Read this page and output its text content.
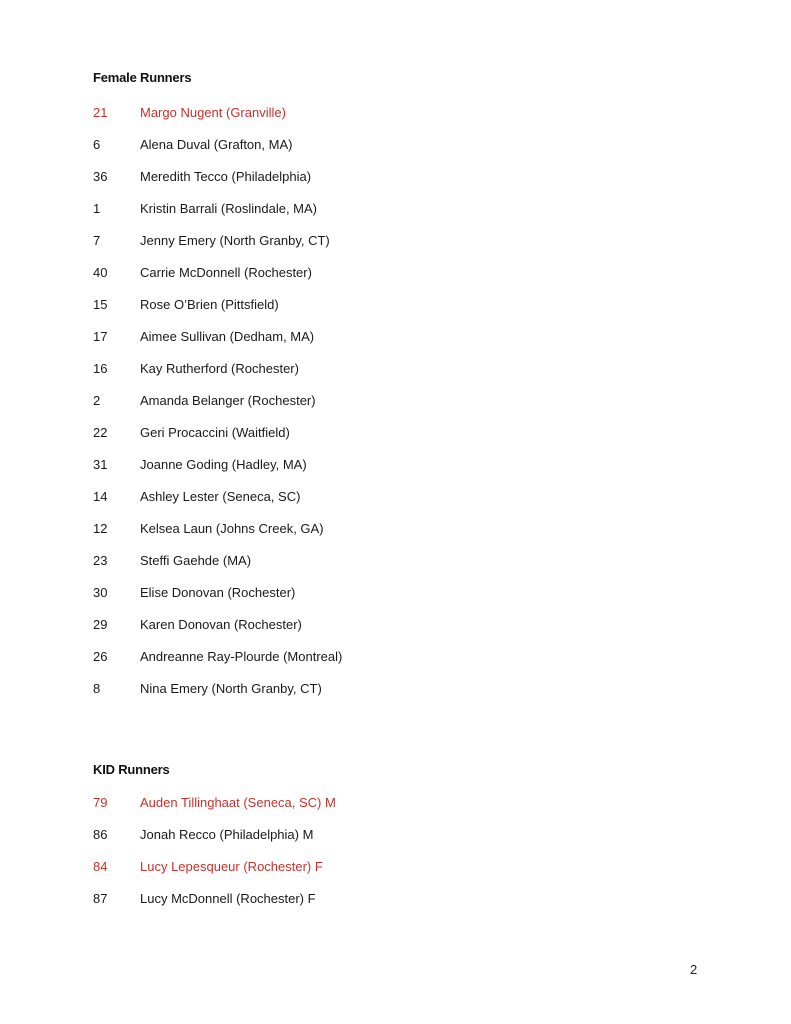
Female Runners
21	Margo Nugent (Granville)
6	Alena Duval (Grafton, MA)
36	Meredith Tecco (Philadelphia)
1	Kristin Barrali (Roslindale, MA)
7	Jenny Emery (North Granby, CT)
40	Carrie McDonnell (Rochester)
15	Rose O’Brien (Pittsfield)
17	Aimee Sullivan (Dedham, MA)
16	Kay Rutherford (Rochester)
2	Amanda Belanger (Rochester)
22	Geri Procaccini (Waitfield)
31	Joanne Goding (Hadley, MA)
14	Ashley Lester (Seneca, SC)
12	Kelsea Laun (Johns Creek, GA)
23	Steffi Gaehde (MA)
30	Elise Donovan (Rochester)
29	Karen Donovan (Rochester)
26	Andreanne Ray-Plourde (Montreal)
8	Nina Emery (North Granby, CT)
KID Runners
79	Auden Tillinghaat (Seneca, SC) M
86	Jonah Recco (Philadelphia) M
84	Lucy Lepesqueur (Rochester) F
87	Lucy McDonnell (Rochester) F
2
